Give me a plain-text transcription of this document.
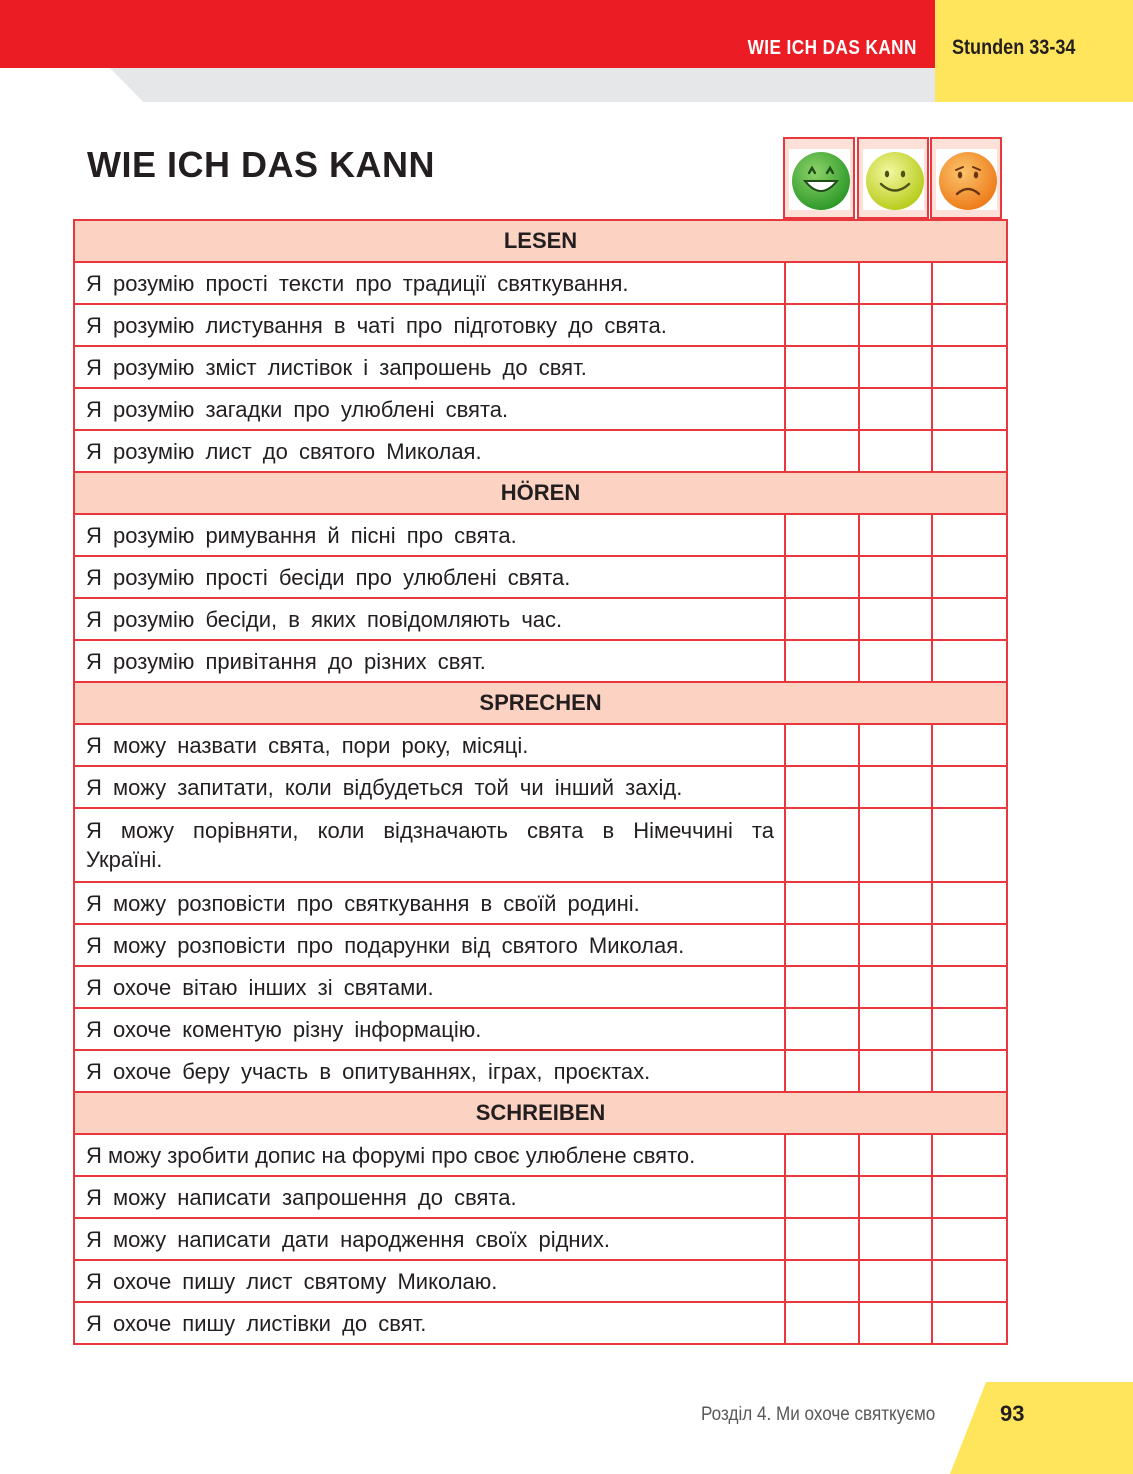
WIE ICH DAS KANN Stunden 33-34
WIE ICH DAS KANN
LESEN			
Я розумію прості тексти про традиції святкування.			
Я розумію листування в чаті про підготовку до свята.			
Я розумію зміст листівок і запрошень до свят.			
Я розумію загадки про улюблені свята.			
Я розумію лист до святого Миколая.			
HÖREN			
Я розумію римування й пісні про свята.			
Я розумію прості бесіди про улюблені свята.			
Я розумію бесіди, в яких повідомляють час.			
Я розумію привітання до різних свят.			
SPRECHEN			
Я можу назвати свята, пори року, місяці.			
Я можу запитати, коли відбудеться той чи інший захід.			
Я можу порівняти, коли відзначають свята в Німеччині та Україні.			
Я можу розповісти про святкування в своїй родині.			
Я можу розповісти про подарунки від святого Миколая.			
Я охоче вітаю інших зі святами.			
Я охоче коментую різну інформацію.			
Я охоче беру участь в опитуваннях, іграх, проєктах.			
SCHREIBEN			
Я можу зробити допис на форумі про своє улюблене свято.			
Я можу написати запрошення до свята.			
Я можу написати дати народження своїх рідних.			
Я охоче пишу лист святому Миколаю.			
Я охоче пишу листівки до свят.			
Розділ 4. Ми охоче святкуємо	93
